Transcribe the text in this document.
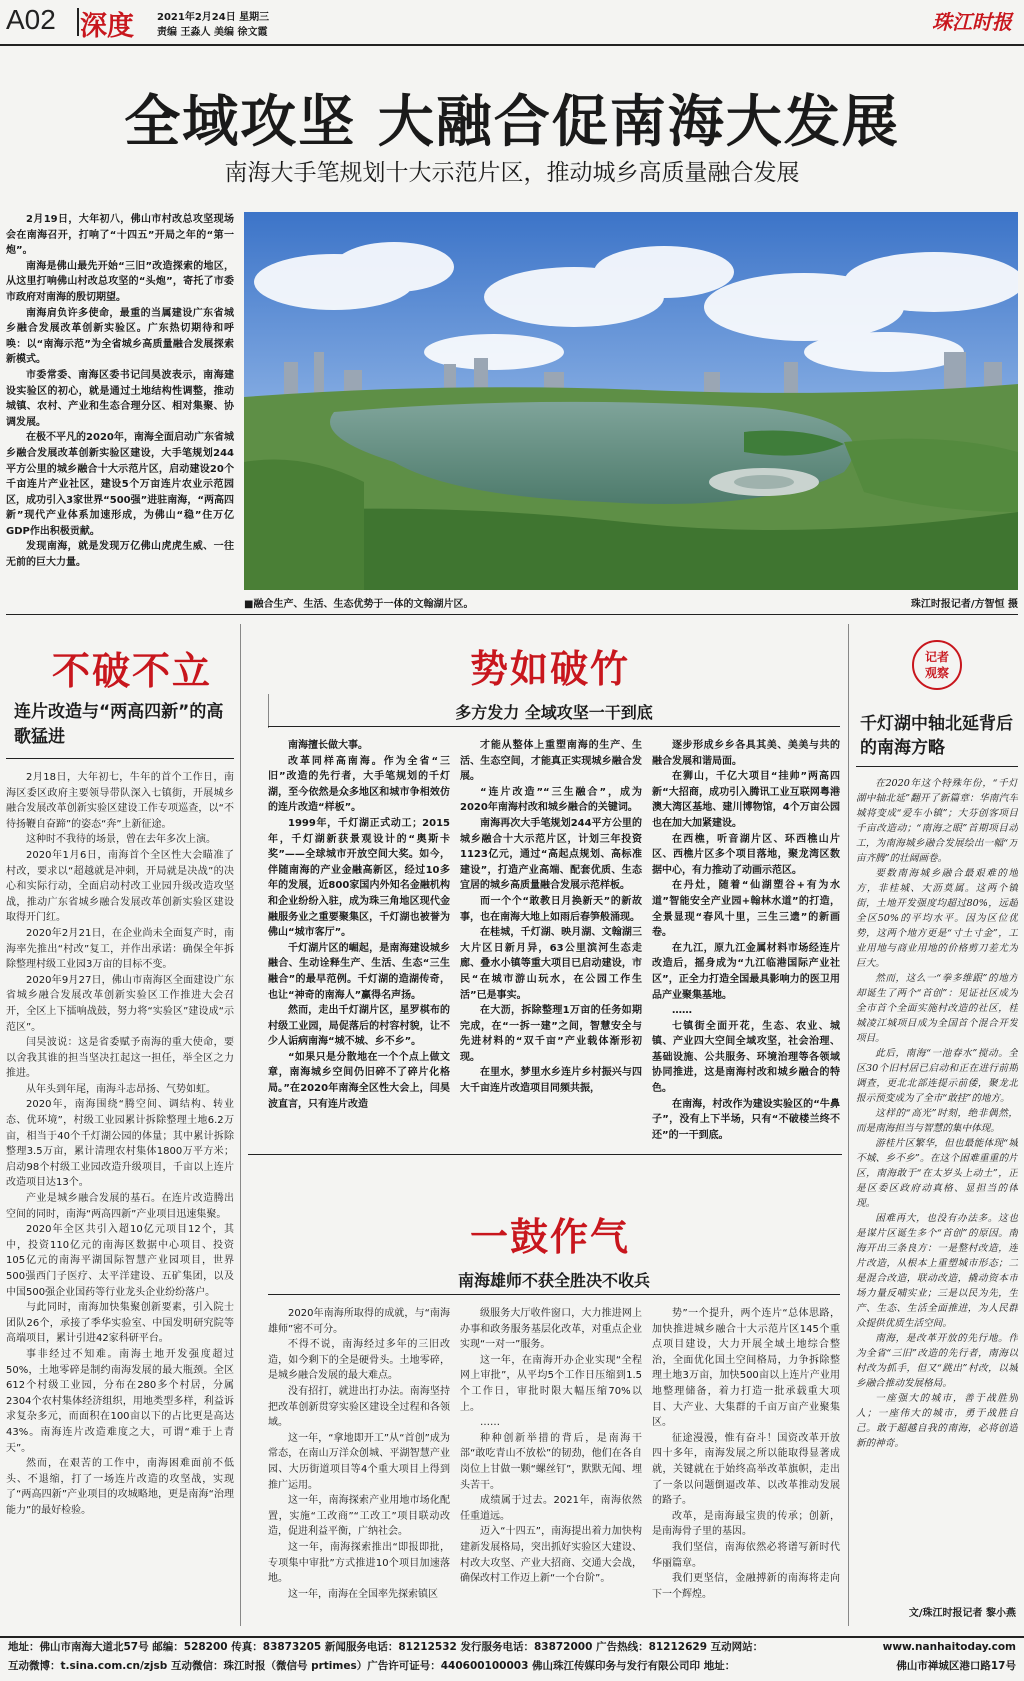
A02 深度 2021年2月24日 星期三
责编 王淼人 美编 徐文霞	珠江时报
全域攻坚 大融合促南海大发展
南海大手笔规划十大示范片区，推动城乡高质量融合发展

2月19日，大年初八，佛山市村改总攻坚现场会在南海召开，打响了“十四五”开局之年的“第一炮”。

南海是佛山最先开始“三旧”改造探索的地区，从这里打响佛山村改总攻坚的“头炮”，寄托了市委市政府对南海的殷切期望。

南海肩负许多使命，最重的当属建设广东省城乡融合发展改革创新实验区。广东热切期待和呼唤：以“南海示范”为全省城乡高质量融合发展探索新模式。

市委常委、南海区委书记闫昊波表示，南海建设实验区的初心，就是通过土地结构性调整，推动城镇、农村、产业和生态合理分区、相对集聚、协调发展。

在极不平凡的2020年，南海全面启动广东省城乡融合发展改革创新实验区建设，大手笔规划244平方公里的城乡融合十大示范片区，启动建设20个千亩连片产业社区，建设5个万亩连片农业示范园区，成功引入3家世界“500强”进驻南海，“两高四新”现代产业体系加速形成，为佛山“稳”住万亿GDP作出积极贡献。

发现南海，就是发现万亿佛山虎虎生威、一往无前的巨大力量。

■融合生产、生活、生态优势于一体的文翰湖片区。	珠江时报记者/方智恒 摄
不破不立
连片改造与“两高四新”的高歌猛进

2月18日，大年初七，牛年的首个工作日，南海区委区政府主要领导带队深入七镇街，开展城乡融合发展改革创新实验区建设工作专项巡查，以“不待扬鞭自奋蹄”的姿态“奔”上新征途。

这种时不我待的场景，曾在去年多次上演。

2020年1月6日，南海首个全区性大会瞄准了村改，要求以“超越就是冲刺，开局就是决战”的决心和实际行动，全面启动村改工业园升级改造攻坚战，推动广东省城乡融合发展改革创新实验区建设取得开门红。

2020年2月21日，在企业尚未全面复产时，南海率先推出“村改”复工，并作出承诺：确保全年拆除整理村级工业园3万亩的目标不变。

2020年9月27日，佛山市南海区全面建设广东省城乡融合发展改革创新实验区工作推进大会召开，全区上下擂响战鼓，努力将“实验区”建设成“示范区”。

闫昊波说：这是省委赋予南海的重大使命，要以舍我其谁的担当坚决扛起这一担任，举全区之力推进。

从年头到年尾，南海斗志昂扬、气势如虹。

2020年，南海围绕“腾空间、调结构、转业态、优环境”，村级工业园累计拆除整理土地6.2万亩，相当于40个千灯湖公园的体量；其中累计拆除整理3.5万亩，累计清理农村集体1800万平方米；启动98个村级工业园改造升级项目，千亩以上连片改造项目达13个。

产业是城乡融合发展的基石。在连片改造腾出空间的同时，南海“两高四新”产业项目迅速集聚。

2020年全区共引入超10亿元项目12个，其中，投资110亿元的南海区数据中心项目、投资105亿元的南海平湖国际智慧产业园项目，世界500强西门子医疗、太平洋建设、五矿集团，以及中国500强企业国药等行业龙头企业纷纷落户。

与此同时，南海加快集聚创新要素，引入院士团队26个，承接了季华实验室、中国发明研究院等高端项目，累计引进42家科研平台。

事非经过不知难。南海土地开发强度超过50%，土地零碎是制约南海发展的最大瓶颈。全区612个村级工业园，分布在280多个村居，分属2304个农村集体经济组织，用地类型多样，利益诉求复杂多元，而面积在100亩以下的占比更是高达43%。南海连片改造难度之大，可谓“难于上青天”。

然而，在艰苦的工作中，南海困难面前不低头、不退缩，打了一场连片改造的攻坚战，实现了“两高四新”产业项目的攻城略地，更是南海“治理能力”的最好检验。

势如破竹
多方发力 全域攻坚一干到底

南海擅长做大事。

改革同样高南海。作为全省“三旧”改造的先行者，大手笔规划的千灯湖，至今依然是众多地区和城市争相效仿的连片改造“样板”。

1999年，千灯湖正式动工；2015年，千灯湖新获景观设计的“奥斯卡奖”——全球城市开放空间大奖。如今，伴随南海的产业金融高新区，经过10多年的发展，近800家国内外知名金融机构和企业纷纷入驻，成为珠三角地区现代金融服务业之重要聚集区，千灯湖也被誉为佛山“城市客厅”。

千灯湖片区的崛起，是南海建设城乡融合、生动诠释生产、生活、生态“三生融合”的最早范例。千灯湖的造湖传奇，也让“神奇的南海人”赢得名声扬。

然而，走出千灯湖片区，星罗棋布的村级工业园，局促落后的村容村貌，让不少人诟病南海“城不城、乡不乡”。

“如果只是分散地在一个个点上做文章，南海城乡空间仍旧碎不了碎片化格局。”在2020年南海全区性大会上，闫昊波直言，只有连片改造

才能从整体上重塑南海的生产、生活、生态空间，才能真正实现城乡融合发展。

“连片改造”“三生融合”，成为2020年南海村改和城乡融合的关键词。

南海再次大手笔规划244平方公里的城乡融合十大示范片区，计划三年投资1123亿元，通过“高起点规划、高标准建设”，打造产业高端、配套优质、生态宜居的城乡高质量融合发展示范样板。

而一个个“敢教日月换新天”的新故事，也在南海大地上如雨后春笋般涌现。

在桂城，千灯湖、映月湖、文翰湖三大片区日新月异，63公里滨河生态走廊、叠水小镇等重大项目已启动建设，市民“在城市游山玩水，在公园工作生活”已是事实。

在大沥，拆除整理1万亩的任务如期完成，在“一拆一建”之间，智慧安全与先进材料的“双千亩”产业载体渐形初现。

在里水，梦里水乡连片乡村振兴与四大千亩连片改造项目同频共振，

逐步形成乡乡各具其美、美美与共的融合发展和谐局面。

在狮山，千亿大项目“挂帅”两高四新“大招商，成功引入腾讯工业互联网粤港澳大湾区基地、建川博物馆，4个万亩公园也在加大加紧建设。

在西樵，听音湖片区、环西樵山片区、西樵片区多个项目落地，聚龙湾区数据中心，有力推动了动画示范区。

在丹灶，随着“仙湖塑谷+有为水道”智能安全产业园+翰林水道”的打造，全景显现“春风十里，三生三遗”的新画卷。

在九江，原九江金属材料市场经连片改造后，摇身成为“九江临港国际产业社区”，正全力打造全国最具影响力的医卫用品产业聚集基地。

……

七镇街全面开花，生态、农业、城镇、产业四大空间全域攻坚，社会治理、基础设施、公共服务、环境治理等各领域协同推进，这是南海村改和城乡融合的特色。

在南海，村改作为建设实验区的“牛鼻子”，没有上下半场，只有“不破楼兰终不还”的一干到底。

一鼓作气
南海雄师不获全胜决不收兵

2020年南海所取得的成就，与“南海雄师”密不可分。

不得不说，南海经过多年的三旧改造，如今剩下的全是硬骨头。土地零碎，是城乡融合发展的最大难点。

没有招打，就进出打办法。南海坚持把改革创新贯穿实验区建设全过程和各领域。

这一年，“拿地即开工”从“首创”成为常态，在南山万洋众创城、平湖智慧产业园、大历街道项目等4个重大项目上得到推广运用。

这一年，南海探索产业用地市场化配置，实施“工改商”“工改工”项目联动改造，促进利益平衡，广纳社会。

这一年，南海探索推出“即报即批，专项集中审批”方式推进10个项目加速落地。

这一年，南海在全国率先探索镇区

级服务大厅收件窗口，大力推进网上办事和政务服务基层化改革，对重点企业实现“一对一”服务。

这一年，在南海开办企业实现“全程网上审批”，从平均5个工作日压缩到1.5个工作日，审批时限大幅压缩70%以上。

……

种种创新举措的背后，是南海干部“敢吃青山不放松”的韧劲，他们在各自岗位上甘做一颗“螺丝钉”，默默无闻、埋头苦干。

成绩属于过去。2021年，南海依然任重道远。

迈入“十四五”，南海提出着力加快构建新发展格局，突出抓好实验区大建设、村改大攻坚、产业大招商、交通大会战，确保改村工作迈上新“一个台阶”。

势”一个提升，两个连片“总体思路，加快推进城乡融合十大示范片区145个重点项目建设，大力开展全域土地综合整治，全面优化国土空间格局，力争拆除整理土地3万亩，加快500亩以上连片产业用地整理储备，着力打造一批承载重大项目、大产业、大集群的千亩万亩产业聚集区。

征途漫漫，惟有奋斗！国资改革开放四十多年，南海发展之所以能取得显著成就，关键就在于始终高举改革旗帜，走出了一条以问题倒逼改革、以改革推动发展的路子。

改革，是南海最宝贵的传承；创新，是南海骨子里的基因。

我们坚信，南海依然必将谱写新时代华丽篇章。

我们更坚信，金融搏新的南海将走向下一个辉煌。

记者
观察
千灯湖中轴北延背后的南海方略

在2020年这个特殊年份，“千灯湖中轴北延”翻开了新篇章：华南汽车城将变成“爱车小镇”；大芬创客项目千亩改造动；“南海之眼”首期项目动工，为南海城乡融合发展绘出一幅“万亩齐腾”的壮阔画卷。

要数南海城乡融合最艰难的地方，非桂城、大沥莫属。这两个镇街，土地开发强度均超过80%，远超全区50%的平均水平。因为区位优势，这两个地方更是“寸土寸金”，工业用地与商业用地的价格剪刀差尤为巨大。

然而，这么一“拳多维跟”的地方却诞生了两个“首创”：见证社区成为全市首个全面实施村改造的社区，桂城凌江城项目成为全国首个混合开发项目。

此后，南海“一池春水”搅动。全区30个旧村居已启动和正在进行前期调查，更北北部连提示前倭，聚龙北报示预变成为了全市“敢挂”的地方。

这样的“高光”时刻，绝非偶然，而是南海担当与智慧的集中体现。

游桂片区繁华，但也最能体现“城不城、乡不乡”。在这个困难重重的片区，南海敢于“在太岁头上动土”，正是区委区政府动真格、显担当的体现。

困难再大，也没有办法多。这也是谋片区诞生多个“首创”的原因。南海开出三条良方：一是整村改造，连片改造，从根本上重塑城市形态；二是混合改造，联动改造，撬动资本市场力量反哺实业；三是以民为先，生产、生态、生活全面推进，为人民群众提供优质生活空间。

南海，是改革开放的先行地。作为全省“三旧”改造的先行者，南海以村改为抓手，但又“跳出”村改，以城乡融合推动发展格局。

一座强大的城市，善于战胜别人；一座伟大的城市，勇于战胜自己。敢于超越自我的南海，必将创造新的神奇。

文/珠江时报记者 黎小燕
地址：佛山市南海大道北57号 邮编：528200 传真：83873205 新闻服务电话：81212532 发行服务电话：83872000 广告热线：81212629 互动网站：	www.nanhaitoday.com
互动微博：t.sina.com.cn/zjsb 互动微信：珠江时报（微信号 prtimes）广告许可证号：440600100003 佛山珠江传媒印务与发行有限公司印 地址：	佛山市禅城区港口路17号
